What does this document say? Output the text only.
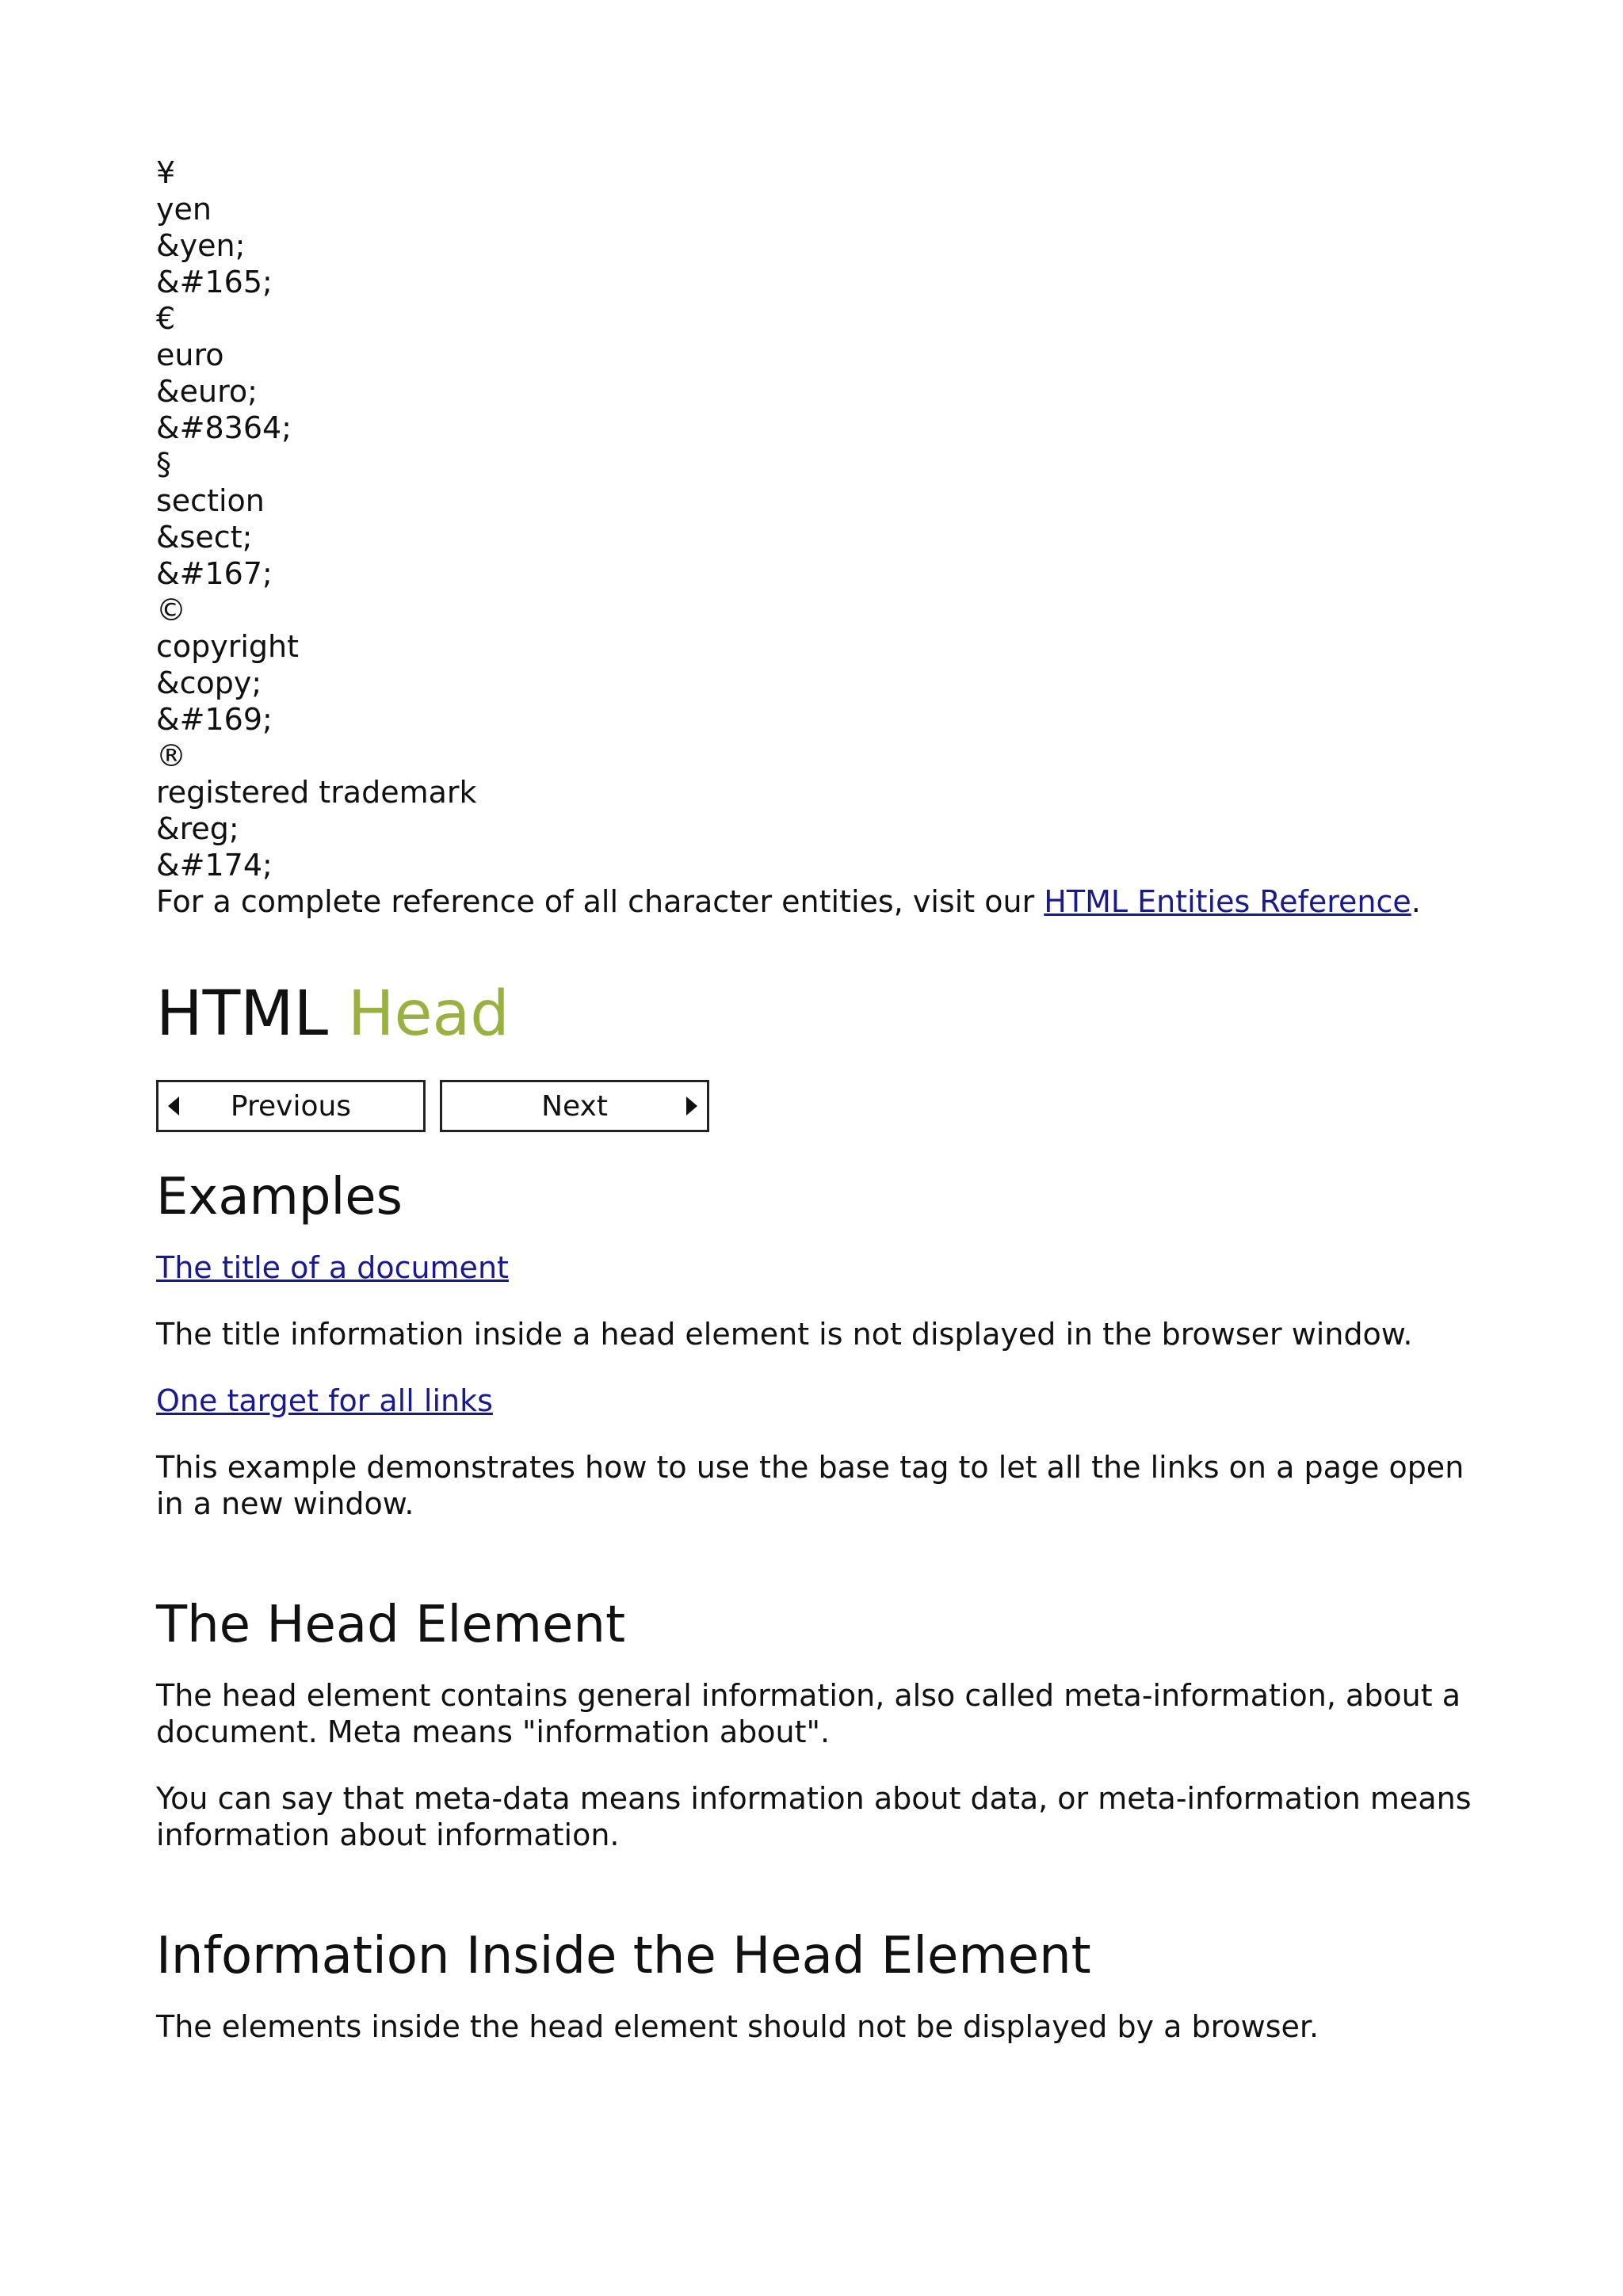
¥
yen
&yen;
&#165;
€
euro
&euro;
&#8364;
§
section
&sect;
&#167;
©
copyright
&copy;
&#169;
®
registered trademark
&reg;
&#174;

For a complete reference of all character entities, visit our HTML Entities Reference.

HTML Head
Previous	Next
Examples

The title of a document

The title information inside a head element is not displayed in the browser window.

One target for all links

This example demonstrates how to use the base tag to let all the links on a page open in a new window.

The Head Element

The head element contains general information, also called meta-information, about a document. Meta means "information about".

You can say that meta-data means information about data, or meta-information means information about information.

Information Inside the Head Element

The elements inside the head element should not be displayed by a browser.
